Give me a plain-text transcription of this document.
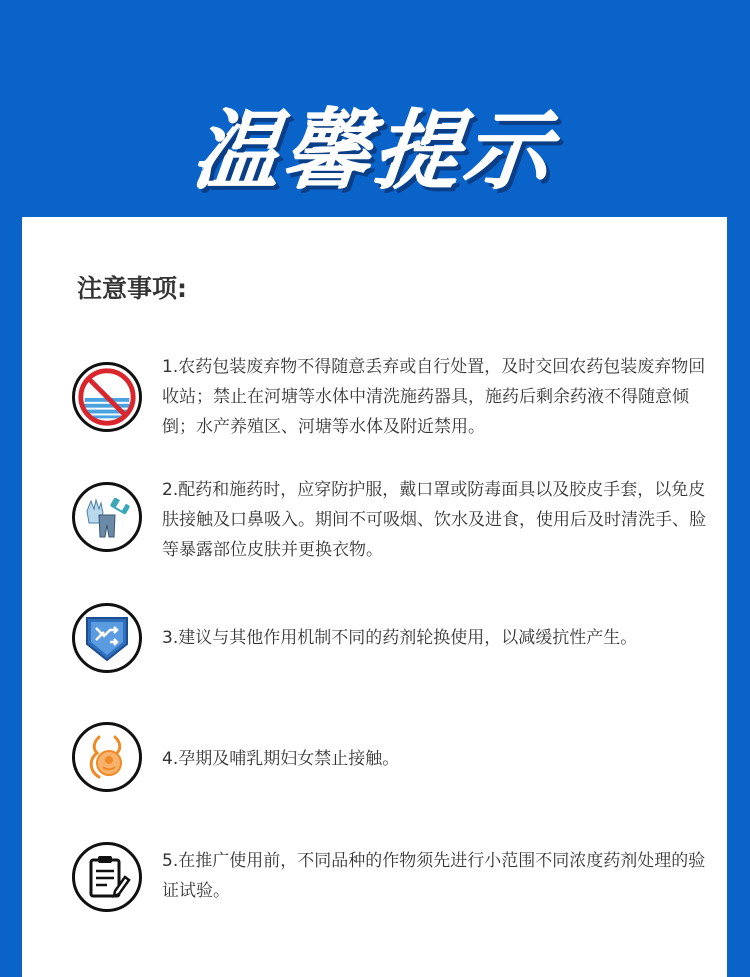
温馨提示
注意事项:
1.农药包装废弃物不得随意丢弃或自行处置，及时交回农药包装废弃物回收站；禁止在河塘等水体中清洗施药器具，施药后剩余药液不得随意倾倒；水产养殖区、河塘等水体及附近禁用。
2.配药和施药时，应穿防护服，戴口罩或防毒面具以及胶皮手套，以免皮肤接触及口鼻吸入。期间不可吸烟、饮水及进食，使用后及时清洗手、脸等暴露部位皮肤并更换衣物。
3.建议与其他作用机制不同的药剂轮换使用，以减缓抗性产生。
4.孕期及哺乳期妇女禁止接触。
5.在推广使用前，不同品种的作物须先进行小范围不同浓度药剂处理的验证试验。
